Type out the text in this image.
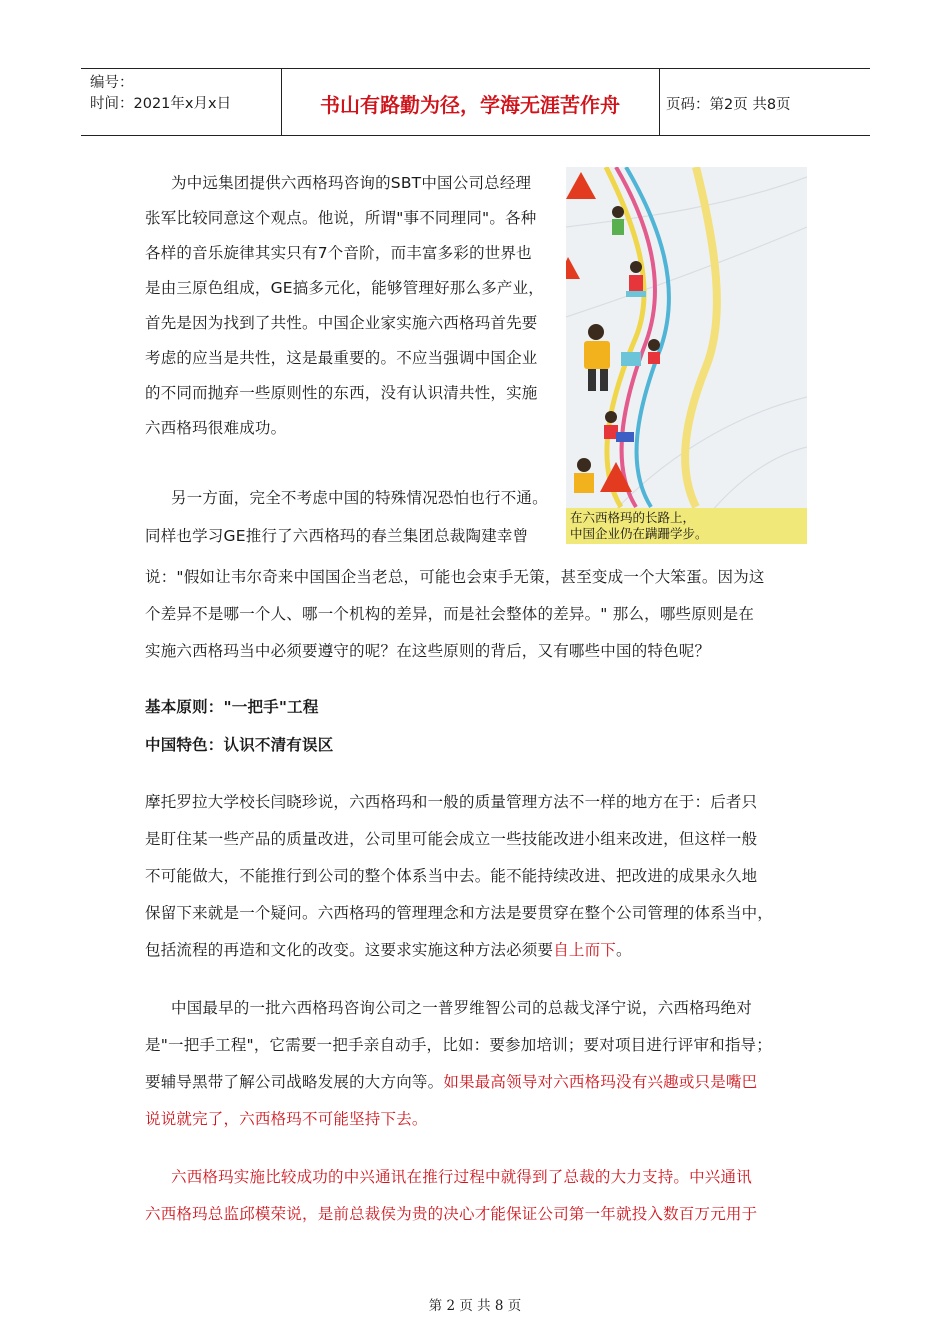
编号：
时间：2021年x月x日	书山有路勤为径，学海无涯苦作舟	页码：第2页 共8页
为中远集团提供六西格玛咨询的SBT中国公司总经理
张军比较同意这个观点。他说，所谓"事不同理同"。各种
各样的音乐旋律其实只有7个音阶，而丰富多彩的世界也
是由三原色组成，GE搞多元化，能够管理好那么多产业，
首先是因为找到了共性。中国企业家实施六西格玛首先要
考虑的应当是共性，这是最重要的。不应当强调中国企业
的不同而抛弃一些原则性的东西，没有认识清共性，实施
六西格玛很难成功。
在六西格玛的长路上，
中国企业仍在蹒跚学步。
另一方面，完全不考虑中国的特殊情况恐怕也行不通。
同样也学习GE推行了六西格玛的春兰集团总裁陶建幸曾
说："假如让韦尔奇来中国国企当老总，可能也会束手无策，甚至变成一个大笨蛋。因为这
个差异不是哪一个人、哪一个机构的差异，而是社会整体的差异。" 那么，哪些原则是在
实施六西格玛当中必须要遵守的呢？在这些原则的背后，又有哪些中国的特色呢？
基本原则："一把手"工程
中国特色：认识不清有误区
摩托罗拉大学校长闫晓珍说，六西格玛和一般的质量管理方法不一样的地方在于：后者只
是盯住某一些产品的质量改进，公司里可能会成立一些技能改进小组来改进，但这样一般
不可能做大，不能推行到公司的整个体系当中去。能不能持续改进、把改进的成果永久地
保留下来就是一个疑问。六西格玛的管理理念和方法是要贯穿在整个公司管理的体系当中，
包括流程的再造和文化的改变。这要求实施这种方法必须要自上而下。
中国最早的一批六西格玛咨询公司之一普罗维智公司的总裁戈泽宁说，六西格玛绝对
是"一把手工程"，它需要一把手亲自动手，比如：要参加培训；要对项目进行评审和指导；
要辅导黑带了解公司战略发展的大方向等。如果最高领导对六西格玛没有兴趣或只是嘴巴
说说就完了，六西格玛不可能坚持下去。
六西格玛实施比较成功的中兴通讯在推行过程中就得到了总裁的大力支持。中兴通讯
六西格玛总监邱模荣说，是前总裁侯为贵的决心才能保证公司第一年就投入数百万元用于
第 2 页 共 8 页
